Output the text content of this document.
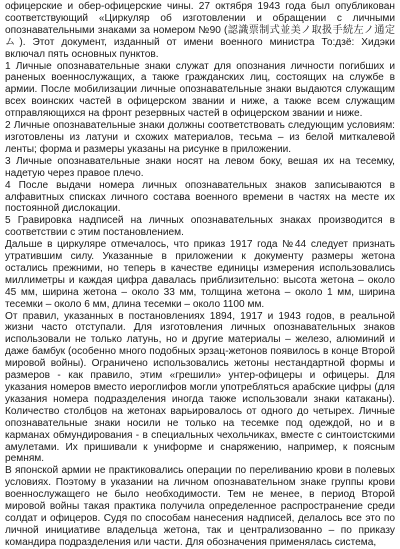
офицерские и обер-офицерские чины. 27 октября 1943 года был опубликован соответствующий «Циркуляр об изготовлении и обращении с личными опознавательными знаками за номером №90 (認識票制式並美ノ取扱手続左ノ通定ム). Этот документ, изданный от имени военного министра То:дзё: Хидэки включал пять основных пунктов.

1 Личные опознавательные знаки служат для опознания личности погибших и раненых военнослужащих, а также гражданских лиц, состоящих на службе в армии. После мобилизации личные опознавательные знаки выдаются служащим всех воинских частей в офицерском звании и ниже, а также всем служащим отправляющихся на фронт резервных частей в офицерском звании и ниже.

2 Личные опознавательные знаки должны соответствовать следующим условиям: изготовлены из латуни и схожих материалов, тесьма – из белой миткалевой ленты; форма и размеры указаны на рисунке в приложении.

3 Личные опознавательные знаки носят на левом боку, вешая их на тесемку, надетую через правое плечо.

4 После выдачи номера личных опознавательных знаков записываются в алфавитных списках личного состава военного времени в частях на месте их постоянной дислокации.

5 Гравировка надписей на личных опознавательных знаках производится в соответствии с этим постановлением.

Дальше в циркуляре отмечалось, что приказ 1917 года №44 следует признать утратившим силу. Указанные в приложении к документу размеры жетона остались прежними, но теперь в качестве единицы измерения использовались миллиметры и каждая цифра давалась приблизительно: высота жетона – около 45 мм, ширина жетона – около 33 мм, толщина жетона – около 1 мм, ширина тесемки – около 6 мм, длина тесемки – около 1100 мм.

От правил, указанных в постановлениях 1894, 1917 и 1943 годов, в реальной жизни часто отступали. Для изготовления личных опознавательных знаков использовали не только латунь, но и другие материалы – железо, алюминий и даже бамбук (особенно много подобных эрзац-жетонов появилось в конце Второй мировой войны). Ограничено использовались жетоны нестандартной формы и размеров - как правило, этим «грешили» унтер-офицеры и офицеры. Для указания номеров вместо иероглифов могли употребляться арабские цифры (для указания номера подразделения иногда также использовали знаки катаканы). Количество столбцов на жетонах варьировалось от одного до четырех. Личные опознавательные знаки носили не только на тесемке под одеждой, но и в карманах обмундирования - в специальных чехольчиках, вместе с синтоистскими амулетами. Их пришивали к униформе и снаряжению, например, к поясным ремням.

В японской армии не практиковались операции по переливанию крови в полевых условиях. Поэтому в указании на личном опознавательном знаке группы крови военнослужащего не было необходимости. Тем не менее, в период Второй мировой войны такая практика получила определенное распространение среди солдат и офицеров. Судя по способам нанесения надписей, делалось все это по личной инициативе владельца жетона, так и централизованно – по приказу командира подразделения или части. Для обозначения применялась система,
